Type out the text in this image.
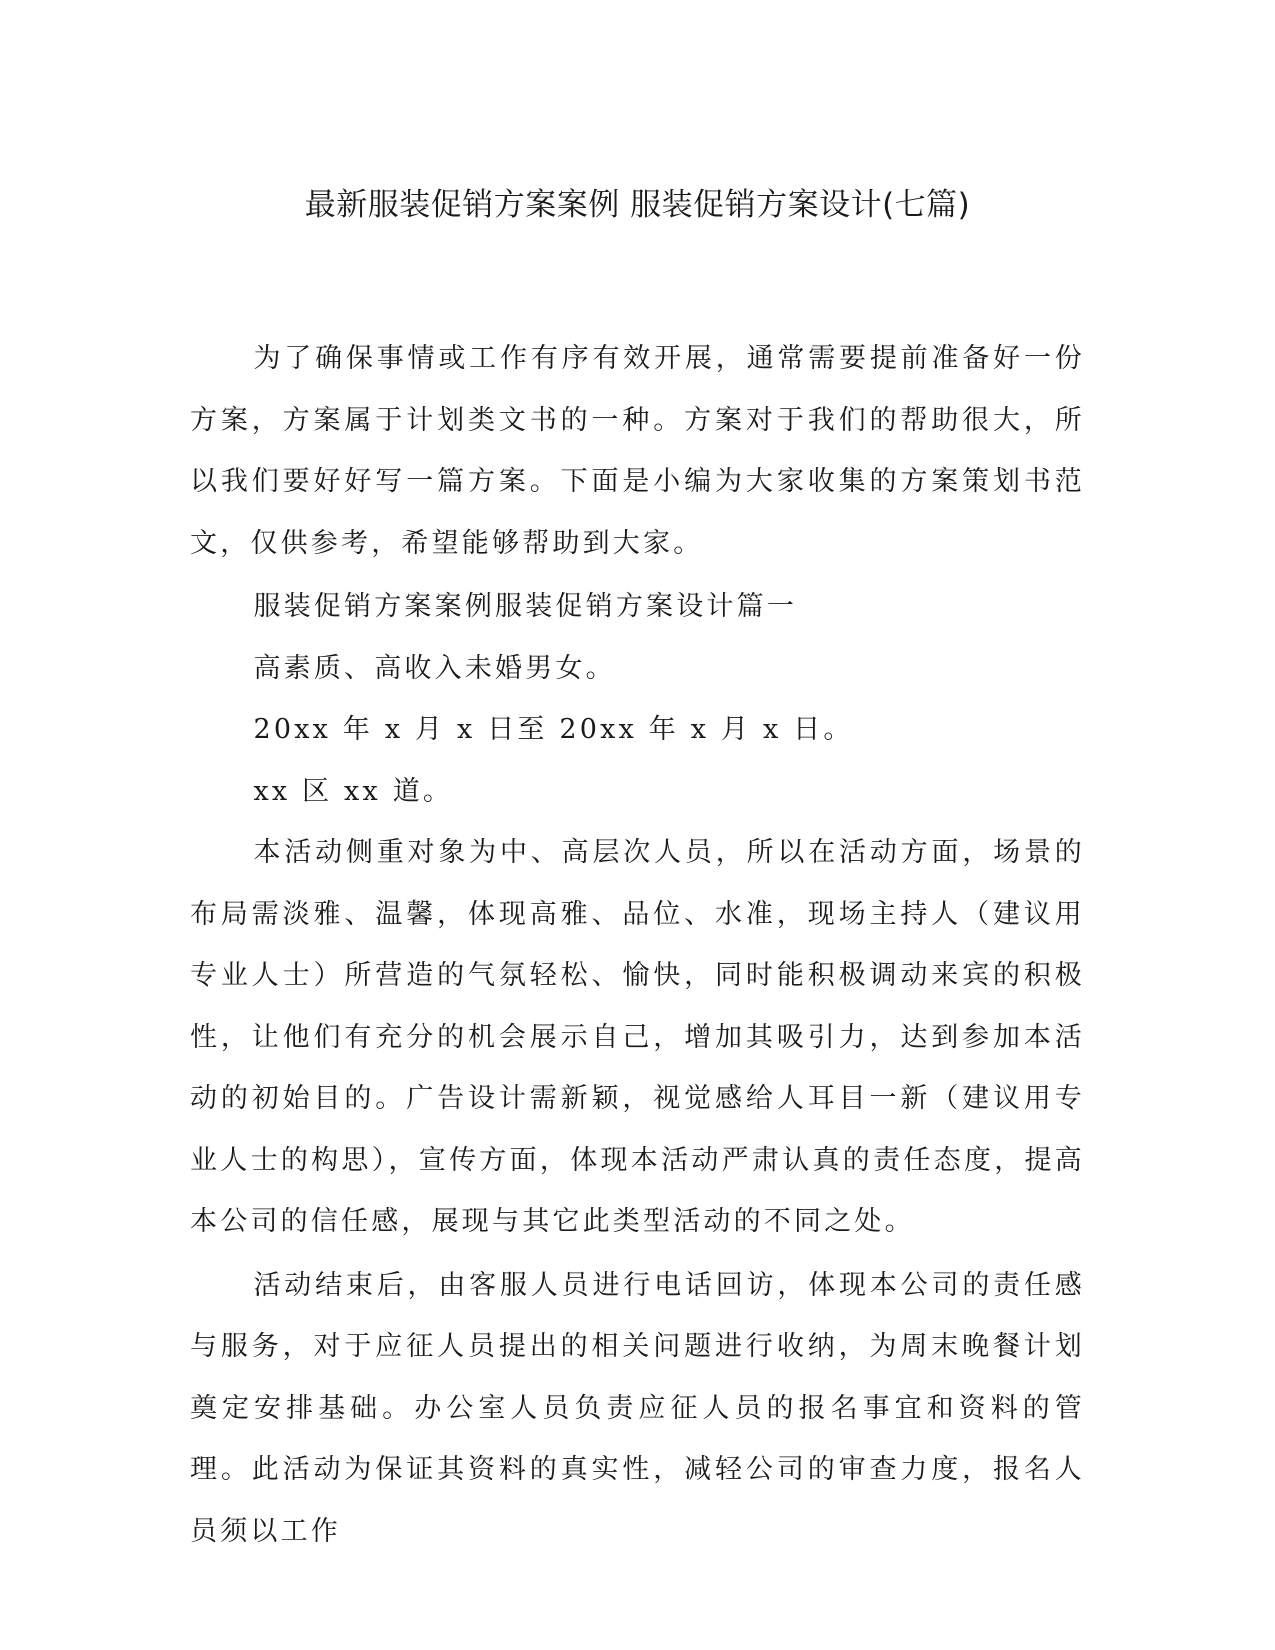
最新服装促销方案案例 服装促销方案设计(七篇)

为了确保事情或工作有序有效开展，通常需要提前准备好一份方案，方案属于计划类文书的一种。方案对于我们的帮助很大，所以我们要好好写一篇方案。下面是小编为大家收集的方案策划书范文，仅供参考，希望能够帮助到大家。

服装促销方案案例服装促销方案设计篇一

高素质、高收入未婚男女。

20xx 年 x 月 x 日至 20xx 年 x 月 x 日。

xx 区 xx 道。

本活动侧重对象为中、高层次人员，所以在活动方面，场景的布局需淡雅、温馨，体现高雅、品位、水准，现场主持人（建议用专业人士）所营造的气氛轻松、愉快，同时能积极调动来宾的积极性，让他们有充分的机会展示自己，增加其吸引力，达到参加本活动的初始目的。广告设计需新颖，视觉感给人耳目一新（建议用专业人士的构思），宣传方面，体现本活动严肃认真的责任态度，提高本公司的信任感，展现与其它此类型活动的不同之处。

活动结束后，由客服人员进行电话回访，体现本公司的责任感与服务，对于应征人员提出的相关问题进行收纳，为周末晚餐计划奠定安排基础。办公室人员负责应征人员的报名事宜和资料的管理。此活动为保证其资料的真实性，减轻公司的审查力度，报名人员须以工作
